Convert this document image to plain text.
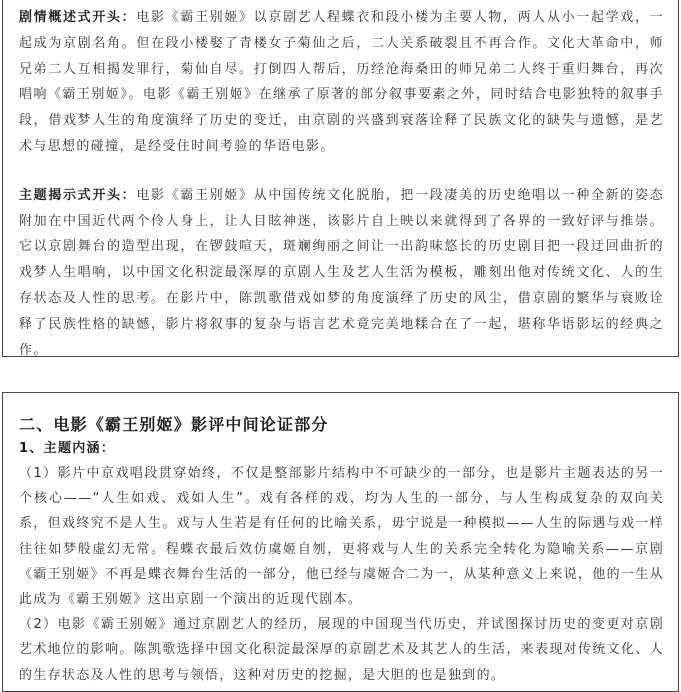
剧情概述式开头：电影《霸王别姬》以京剧艺人程蝶衣和段小楼为主要人物，两人从小一起学戏，一起成为京剧名角。但在段小楼娶了青楼女子菊仙之后，二人关系破裂且不再合作。文化大革命中，师兄弟二人互相揭发罪行，菊仙自尽。打倒四人帮后，历经沧海桑田的师兄弟二人终于重归舞台，再次唱响《霸王别姬》。电影《霸王别姬》在继承了原著的部分叙事要素之外，同时结合电影独特的叙事手段，借戏梦人生的角度演绎了历史的变迁，由京剧的兴盛到衰落诠释了民族文化的缺失与遗憾，是艺术与思想的碰撞，是经受住时间考验的华语电影。

主题揭示式开头：电影《霸王别姬》从中国传统文化脱胎，把一段凄美的历史绝唱以一种全新的姿态附加在中国近代两个伶人身上，让人目眩神迷，该影片自上映以来就得到了各界的一致好评与推崇。它以京剧舞台的造型出现，在锣鼓喧天，斑斓绚丽之间让一出韵味悠长的历史剧目把一段迂回曲折的戏梦人生唱响，以中国文化积淀最深厚的京剧人生及艺人生活为模板，雕刻出他对传统文化、人的生存状态及人性的思考。在影片中，陈凯歌借戏如梦的角度演绎了历史的风尘，借京剧的繁华与衰败诠释了民族性格的缺憾，影片将叙事的复杂与语言艺术竟完美地糅合在了一起，堪称华语影坛的经典之作。

二、电影《霸王别姬》影评中间论证部分
1、主题内涵：

（1）影片中京戏唱段贯穿始终，不仅是整部影片结构中不可缺少的一部分，也是影片主题表达的另一个核心——“人生如戏、戏如人生”。戏有各样的戏，均为人生的一部分，与人生构成复杂的双向关系，但戏终究不是人生。戏与人生若是有任何的比喻关系，毋宁说是一种模拟——人生的际遇与戏一样往往如梦般虚幻无常。程蝶衣最后效仿虞姬自刎，更将戏与人生的关系完全转化为隐喻关系——京剧《霸王别姬》不再是蝶衣舞台生活的一部分，他已经与虞姬合二为一，从某种意义上来说，他的一生从此成为《霸王别姬》这出京剧一个演出的近现代剧本。

（2）电影《霸王别姬》通过京剧艺人的经历，展现的中国现当代历史，并试图探讨历史的变更对京剧艺术地位的影响。陈凯歌选择中国文化积淀最深厚的京剧艺术及其艺人的生活，来表现对传统文化、人的生存状态及人性的思考与领悟，这种对历史的挖掘，是大胆的也是独到的。
